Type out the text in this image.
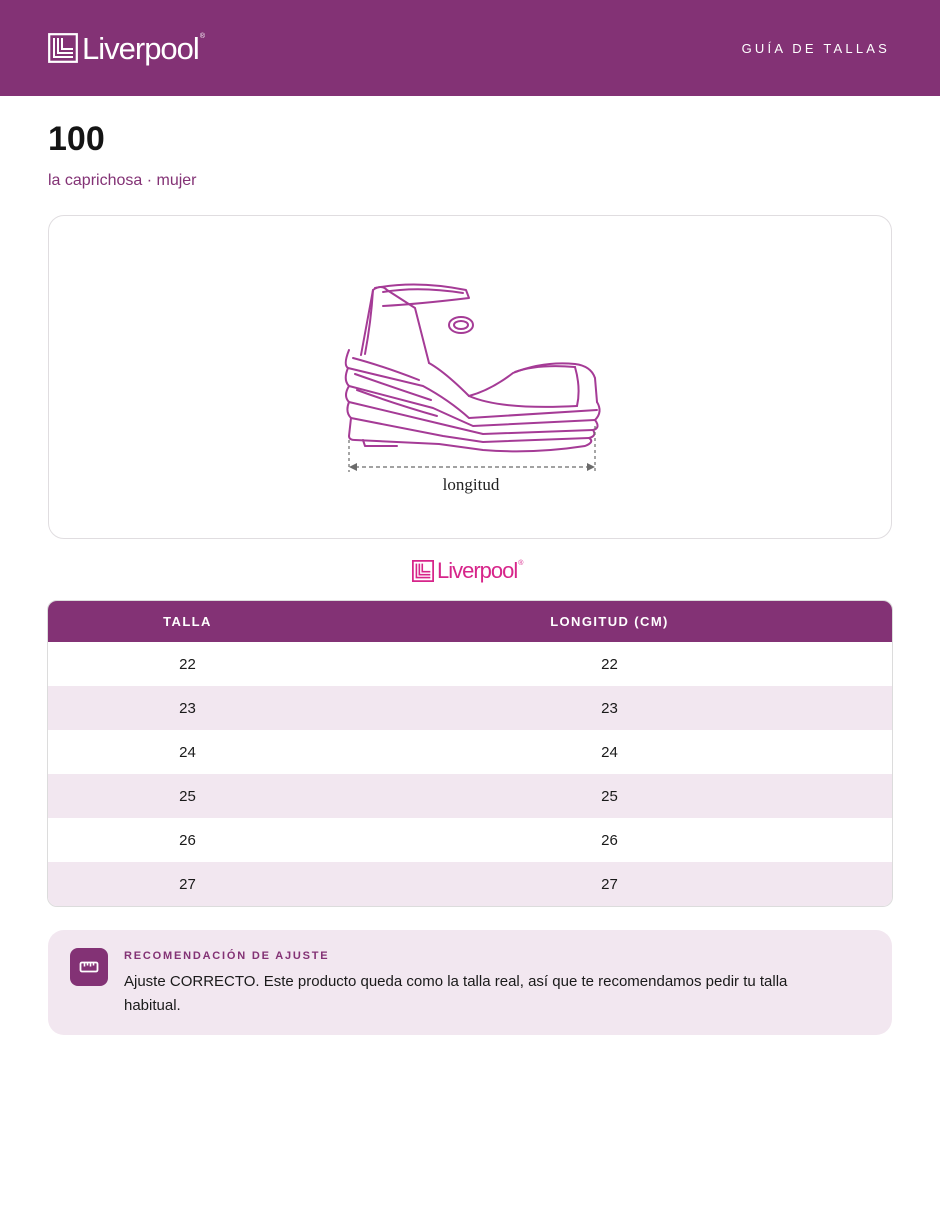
Liverpool®
GUÍA DE TALLAS
100

la caprichosa · mujer

longitud
Liverpool®
TALLA	LONGITUD (CM)
22	22
23	23
24	24
25	25
26	26
27	27
RECOMENDACIÓN DE AJUSTE
Ajuste CORRECTO. Este producto queda como la talla real, así que te recomendamos pedir tu talla habitual.
